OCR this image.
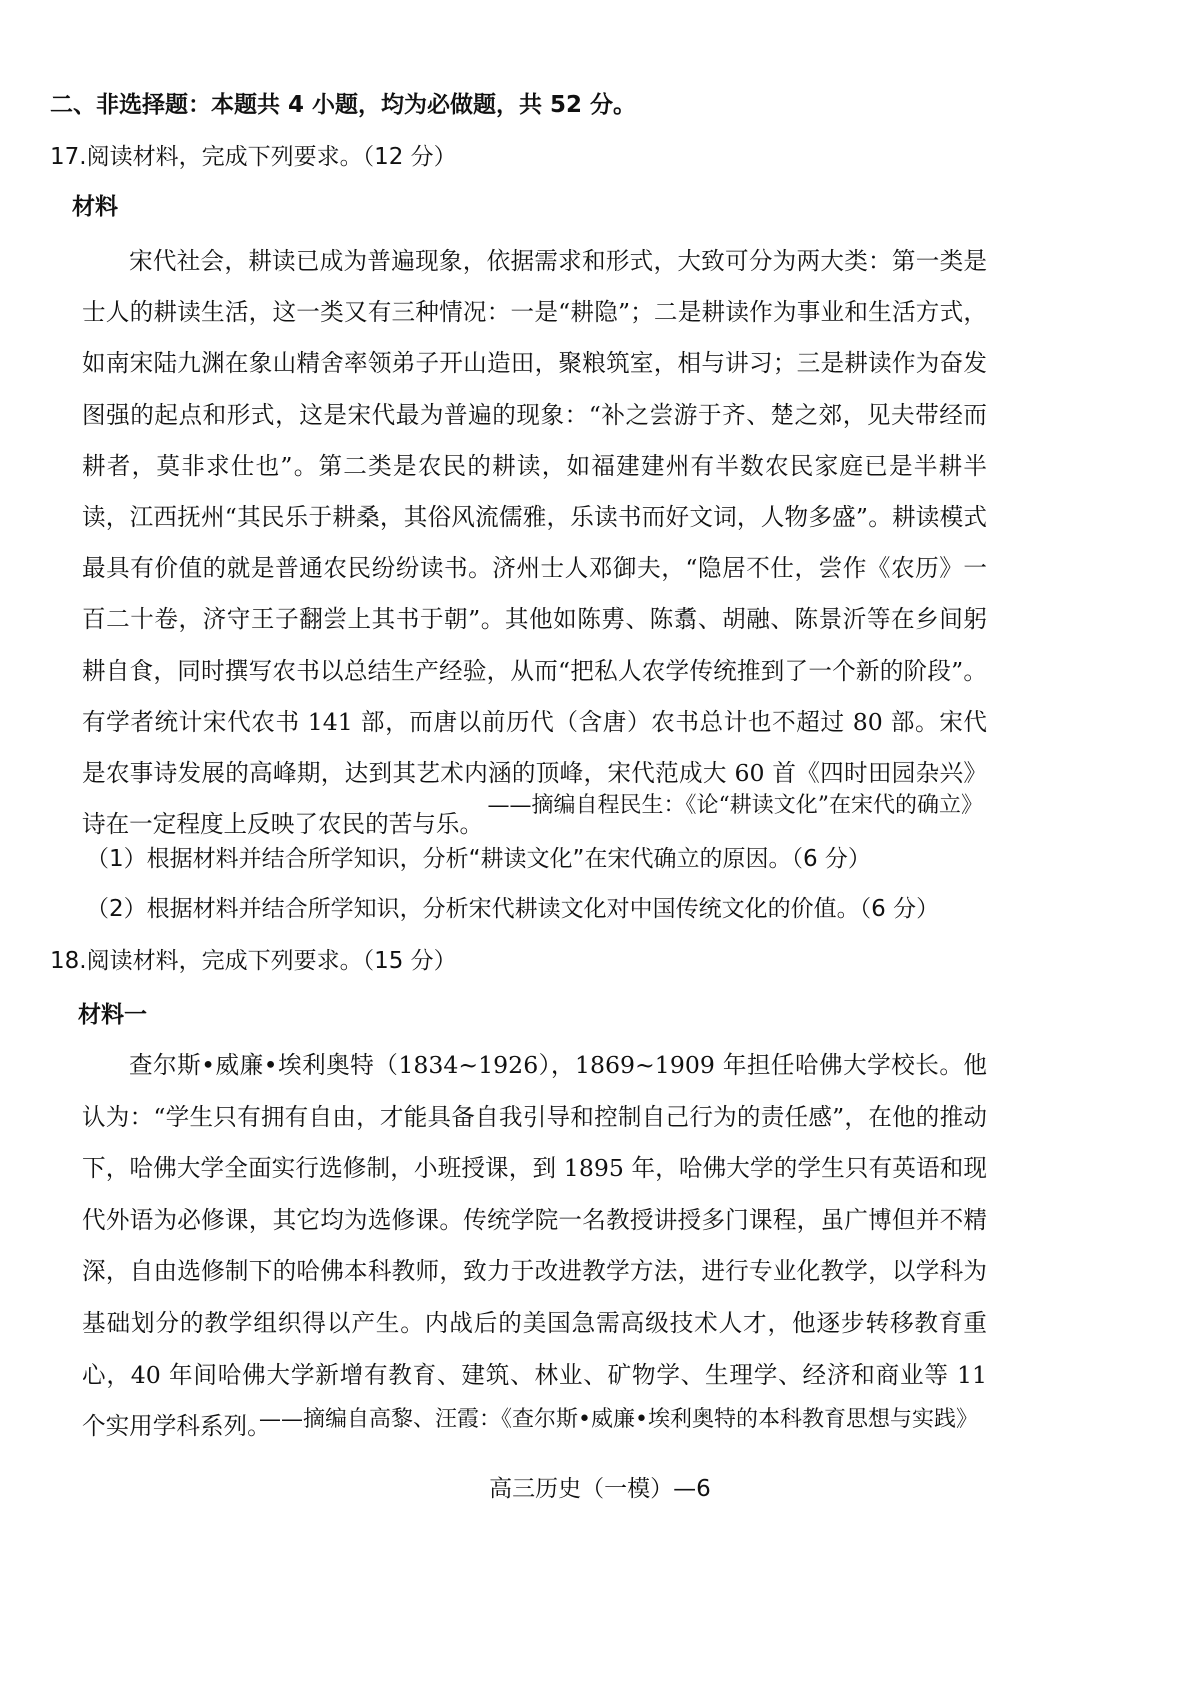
二、非选择题：本题共 4 小题，均为必做题，共 52 分。
17.阅读材料，完成下列要求。（12 分）
材料

宋代社会，耕读已成为普遍现象，依据需求和形式，大致可分为两大类：第一类是士人的耕读生活，这一类又有三种情况：一是“耕隐”；二是耕读作为事业和生活方式，如南宋陆九渊在象山精舍率领弟子开山造田，聚粮筑室，相与讲习；三是耕读作为奋发图强的起点和形式，这是宋代最为普遍的现象：“补之尝游于齐、楚之郊，见夫带经而耕者，莫非求仕也”。第二类是农民的耕读，如福建建州有半数农民家庭已是半耕半读，江西抚州“其民乐于耕桑，其俗风流儒雅，乐读书而好文词，人物多盛”。耕读模式最具有价值的就是普通农民纷纷读书。济州士人邓御夫，“隐居不仕，尝作《农历》一百二十卷，济守王子翻尝上其书于朝”。其他如陈旉、陈翥、胡融、陈景沂等在乡间躬耕自食，同时撰写农书以总结生产经验，从而“把私人农学传统推到了一个新的阶段”。有学者统计宋代农书 141 部，而唐以前历代（含唐）农书总计也不超过 80 部。宋代是农事诗发展的高峰期，达到其艺术内涵的顶峰，宋代范成大 60 首《四时田园杂兴》诗在一定程度上反映了农民的苦与乐。

——摘编自程民生：《论“耕读文化”在宋代的确立》
（1）根据材料并结合所学知识，分析“耕读文化”在宋代确立的原因。（6 分）
（2）根据材料并结合所学知识，分析宋代耕读文化对中国传统文化的价值。（6 分）
18.阅读材料，完成下列要求。（15 分）
材料一

查尔斯•威廉•埃利奥特（1834~1926），1869~1909 年担任哈佛大学校长。他认为：“学生只有拥有自由，才能具备自我引导和控制自己行为的责任感”，在他的推动下，哈佛大学全面实行选修制，小班授课，到 1895 年，哈佛大学的学生只有英语和现代外语为必修课，其它均为选修课。传统学院一名教授讲授多门课程，虽广博但并不精深，自由选修制下的哈佛本科教师，致力于改进教学方法，进行专业化教学，以学科为基础划分的教学组织得以产生。内战后的美国急需高级技术人才，他逐步转移教育重心，40 年间哈佛大学新增有教育、建筑、林业、矿物学、生理学、经济和商业等 11 个实用学科系列。

——摘编自高黎、汪霞：《查尔斯•威廉•埃利奥特的本科教育思想与实践》
高三历史（一模）—6
